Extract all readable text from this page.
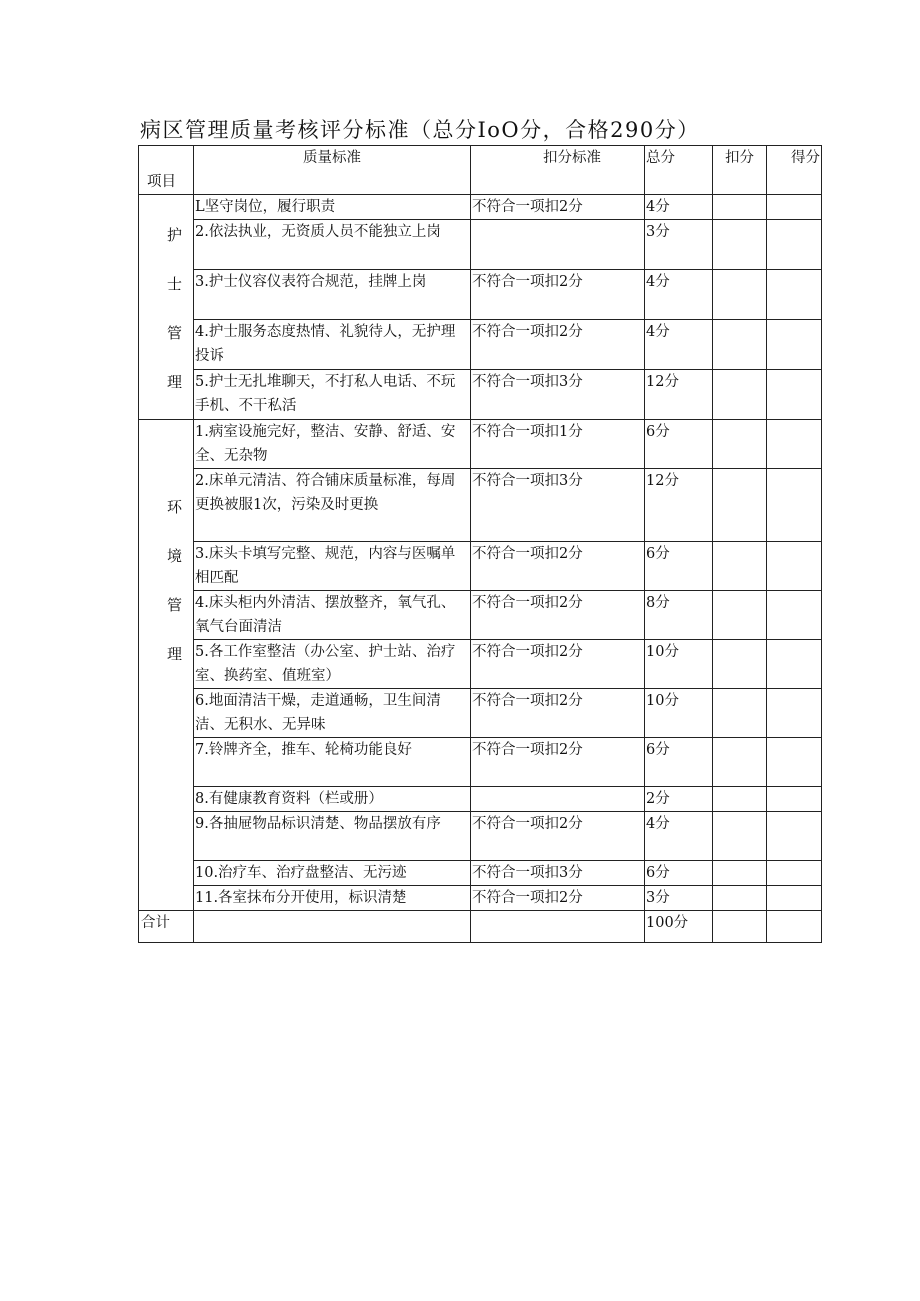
病区管理质量考核评分标准（总分IoO分，合格290分）
项目	质量标准	扣分标准	总分	扣分	得分

护
士
管
理	L坚守岗位，履行职责	不符合一项扣2分	4分		
	2.依法执业，无资质人员不能独立上岗		3分		
	3.护士仪容仪表符合规范，挂牌上岗	不符合一项扣2分	4分		
	4.护士服务态度热情、礼貌待人，无护理投诉	不符合一项扣2分	4分		
	5.护士无扎堆聊天，不打私人电话、不玩手机、不干私活	不符合一项扣3分	12分		

环
境
管
理	1.病室设施完好，整洁、安静、舒适、安全、无杂物	不符合一项扣1分	6分		
	2.床单元清洁、符合铺床质量标准，每周更换被服1次，污染及时更换	不符合一项扣3分	12分		
	3.床头卡填写完整、规范，内容与医嘱单相匹配	不符合一项扣2分	6分		
	4.床头柜内外清洁、摆放整齐，氧气孔、氧气台面清洁	不符合一项扣2分	8分		
	5.各工作室整洁（办公室、护士站、治疗室、换药室、值班室）	不符合一项扣2分	10分		
	6.地面清洁干燥，走道通畅，卫生间清洁、无积水、无异味	不符合一项扣2分	10分		
	7.铃牌齐全，推车、轮椅功能良好	不符合一项扣2分	6分		
	8.有健康教育资料（栏或册）		2分		
	9.各抽屉物品标识清楚、物品摆放有序	不符合一项扣2分	4分		
	10.治疗车、治疗盘整洁、无污迹	不符合一项扣3分	6分		
	11.各室抹布分开使用，标识清楚	不符合一项扣2分	3分		
合计			100分		
